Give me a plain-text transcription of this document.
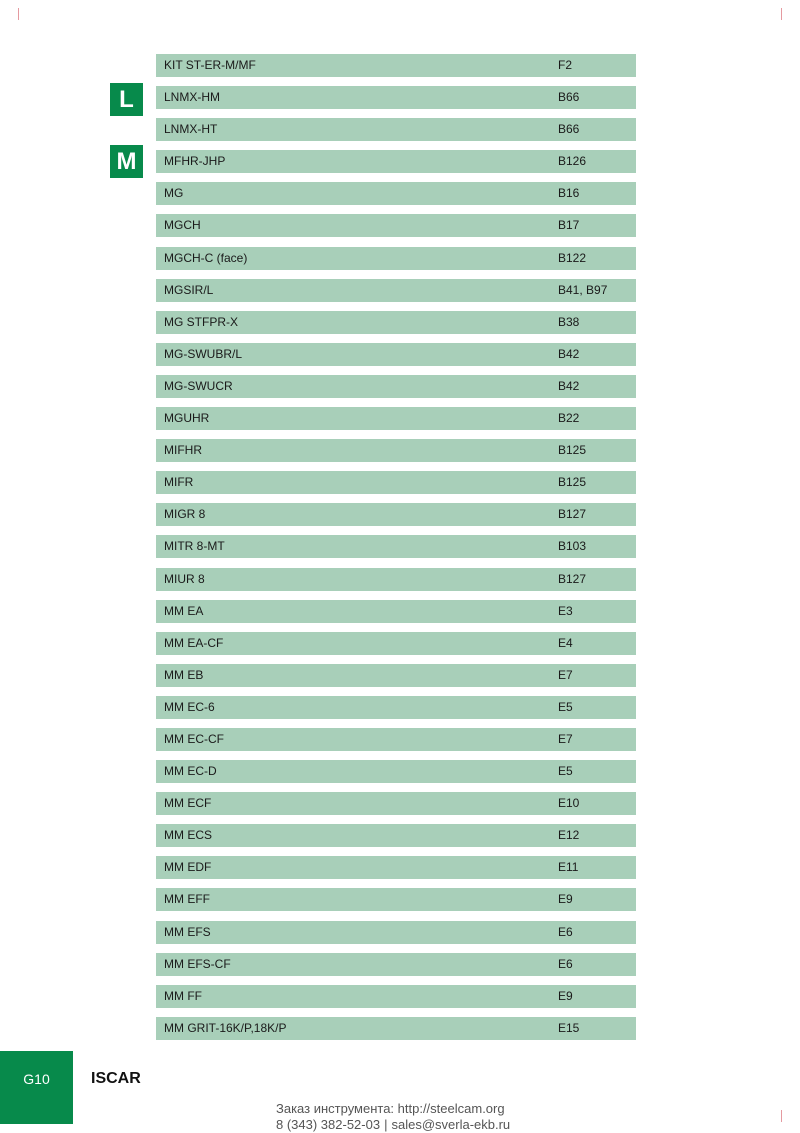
L
M
KIT ST-ER-M/MF	F2
LNMX-HM	B66
LNMX-HT	B66
MFHR-JHP	B126
MG	B16
MGCH	B17
MGCH-C (face)	B122
MGSIR/L	B41, B97
MG STFPR-X	B38
MG-SWUBR/L	B42
MG-SWUCR	B42
MGUHR	B22
MIFHR	B125
MIFR	B125
MIGR 8	B127
MITR 8-MT	B103
MIUR 8	B127
MM EA	E3
MM EA-CF	E4
MM EB	E7
MM EC-6	E5
MM EC-CF	E7
MM EC-D	E5
MM ECF	E10
MM ECS	E12
MM EDF	E11
MM EFF	E9
MM EFS	E6
MM EFS-CF	E6
MM FF	E9
MM GRIT-16K/P,18K/P	E15
G10	ISCAR
Заказ инструмента: http://steelcam.org
8 (343) 382-52-03 | sales@sverla-ekb.ru
